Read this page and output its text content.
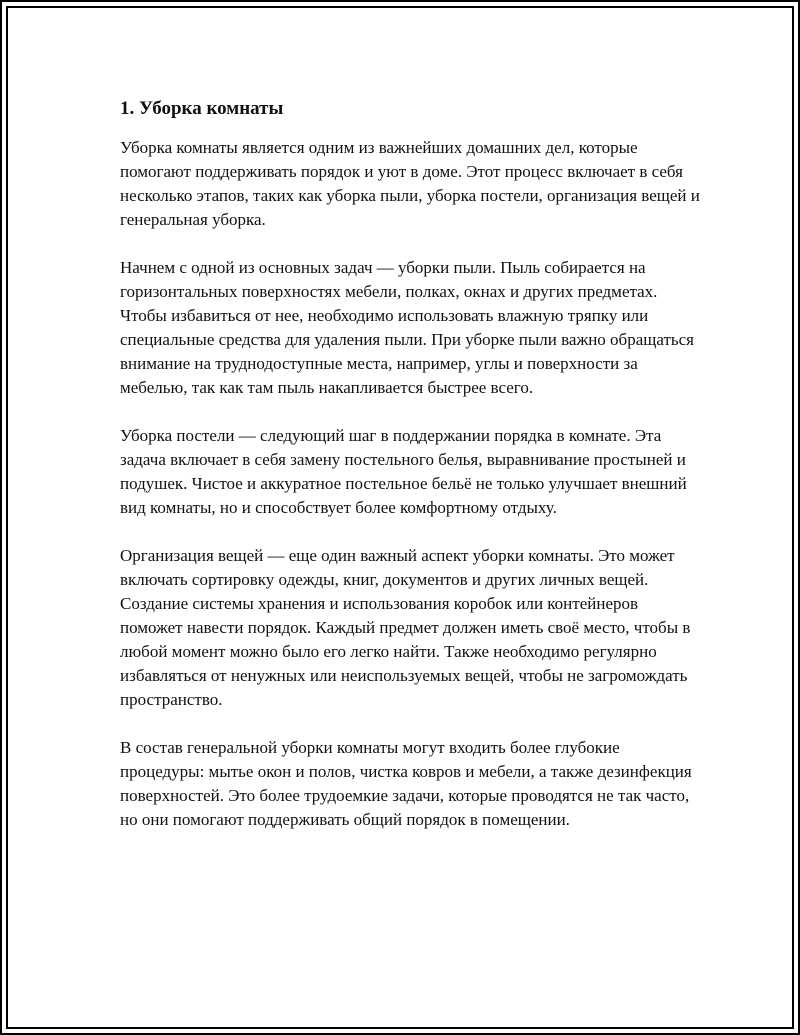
1. Уборка комнаты

Уборка комнаты является одним из важнейших домашних дел, которые помогают поддерживать порядок и уют в доме. Этот процесс включает в себя несколько этапов, таких как уборка пыли, уборка постели, организация вещей и генеральная уборка.

Начнем с одной из основных задач — уборки пыли. Пыль собирается на горизонтальных поверхностях мебели, полках, окнах и других предметах. Чтобы избавиться от нее, необходимо использовать влажную тряпку или специальные средства для удаления пыли. При уборке пыли важно обращаться внимание на труднодоступные места, например, углы и поверхности за мебелью, так как там пыль накапливается быстрее всего.

Уборка постели — следующий шаг в поддержании порядка в комнате. Эта задача включает в себя замену постельного белья, выравнивание простыней и подушек. Чистое и аккуратное постельное бельё не только улучшает внешний вид комнаты, но и способствует более комфортному отдыху.

Организация вещей — еще один важный аспект уборки комнаты. Это может включать сортировку одежды, книг, документов и других личных вещей. Создание системы хранения и использования коробок или контейнеров поможет навести порядок. Каждый предмет должен иметь своё место, чтобы в любой момент можно было его легко найти. Также необходимо регулярно избавляться от ненужных или неиспользуемых вещей, чтобы не загромождать пространство.

В состав генеральной уборки комнаты могут входить более глубокие процедуры: мытье окон и полов, чистка ковров и мебели, а также дезинфекция поверхностей. Это более трудоемкие задачи, которые проводятся не так часто, но они помогают поддерживать общий порядок в помещении.
